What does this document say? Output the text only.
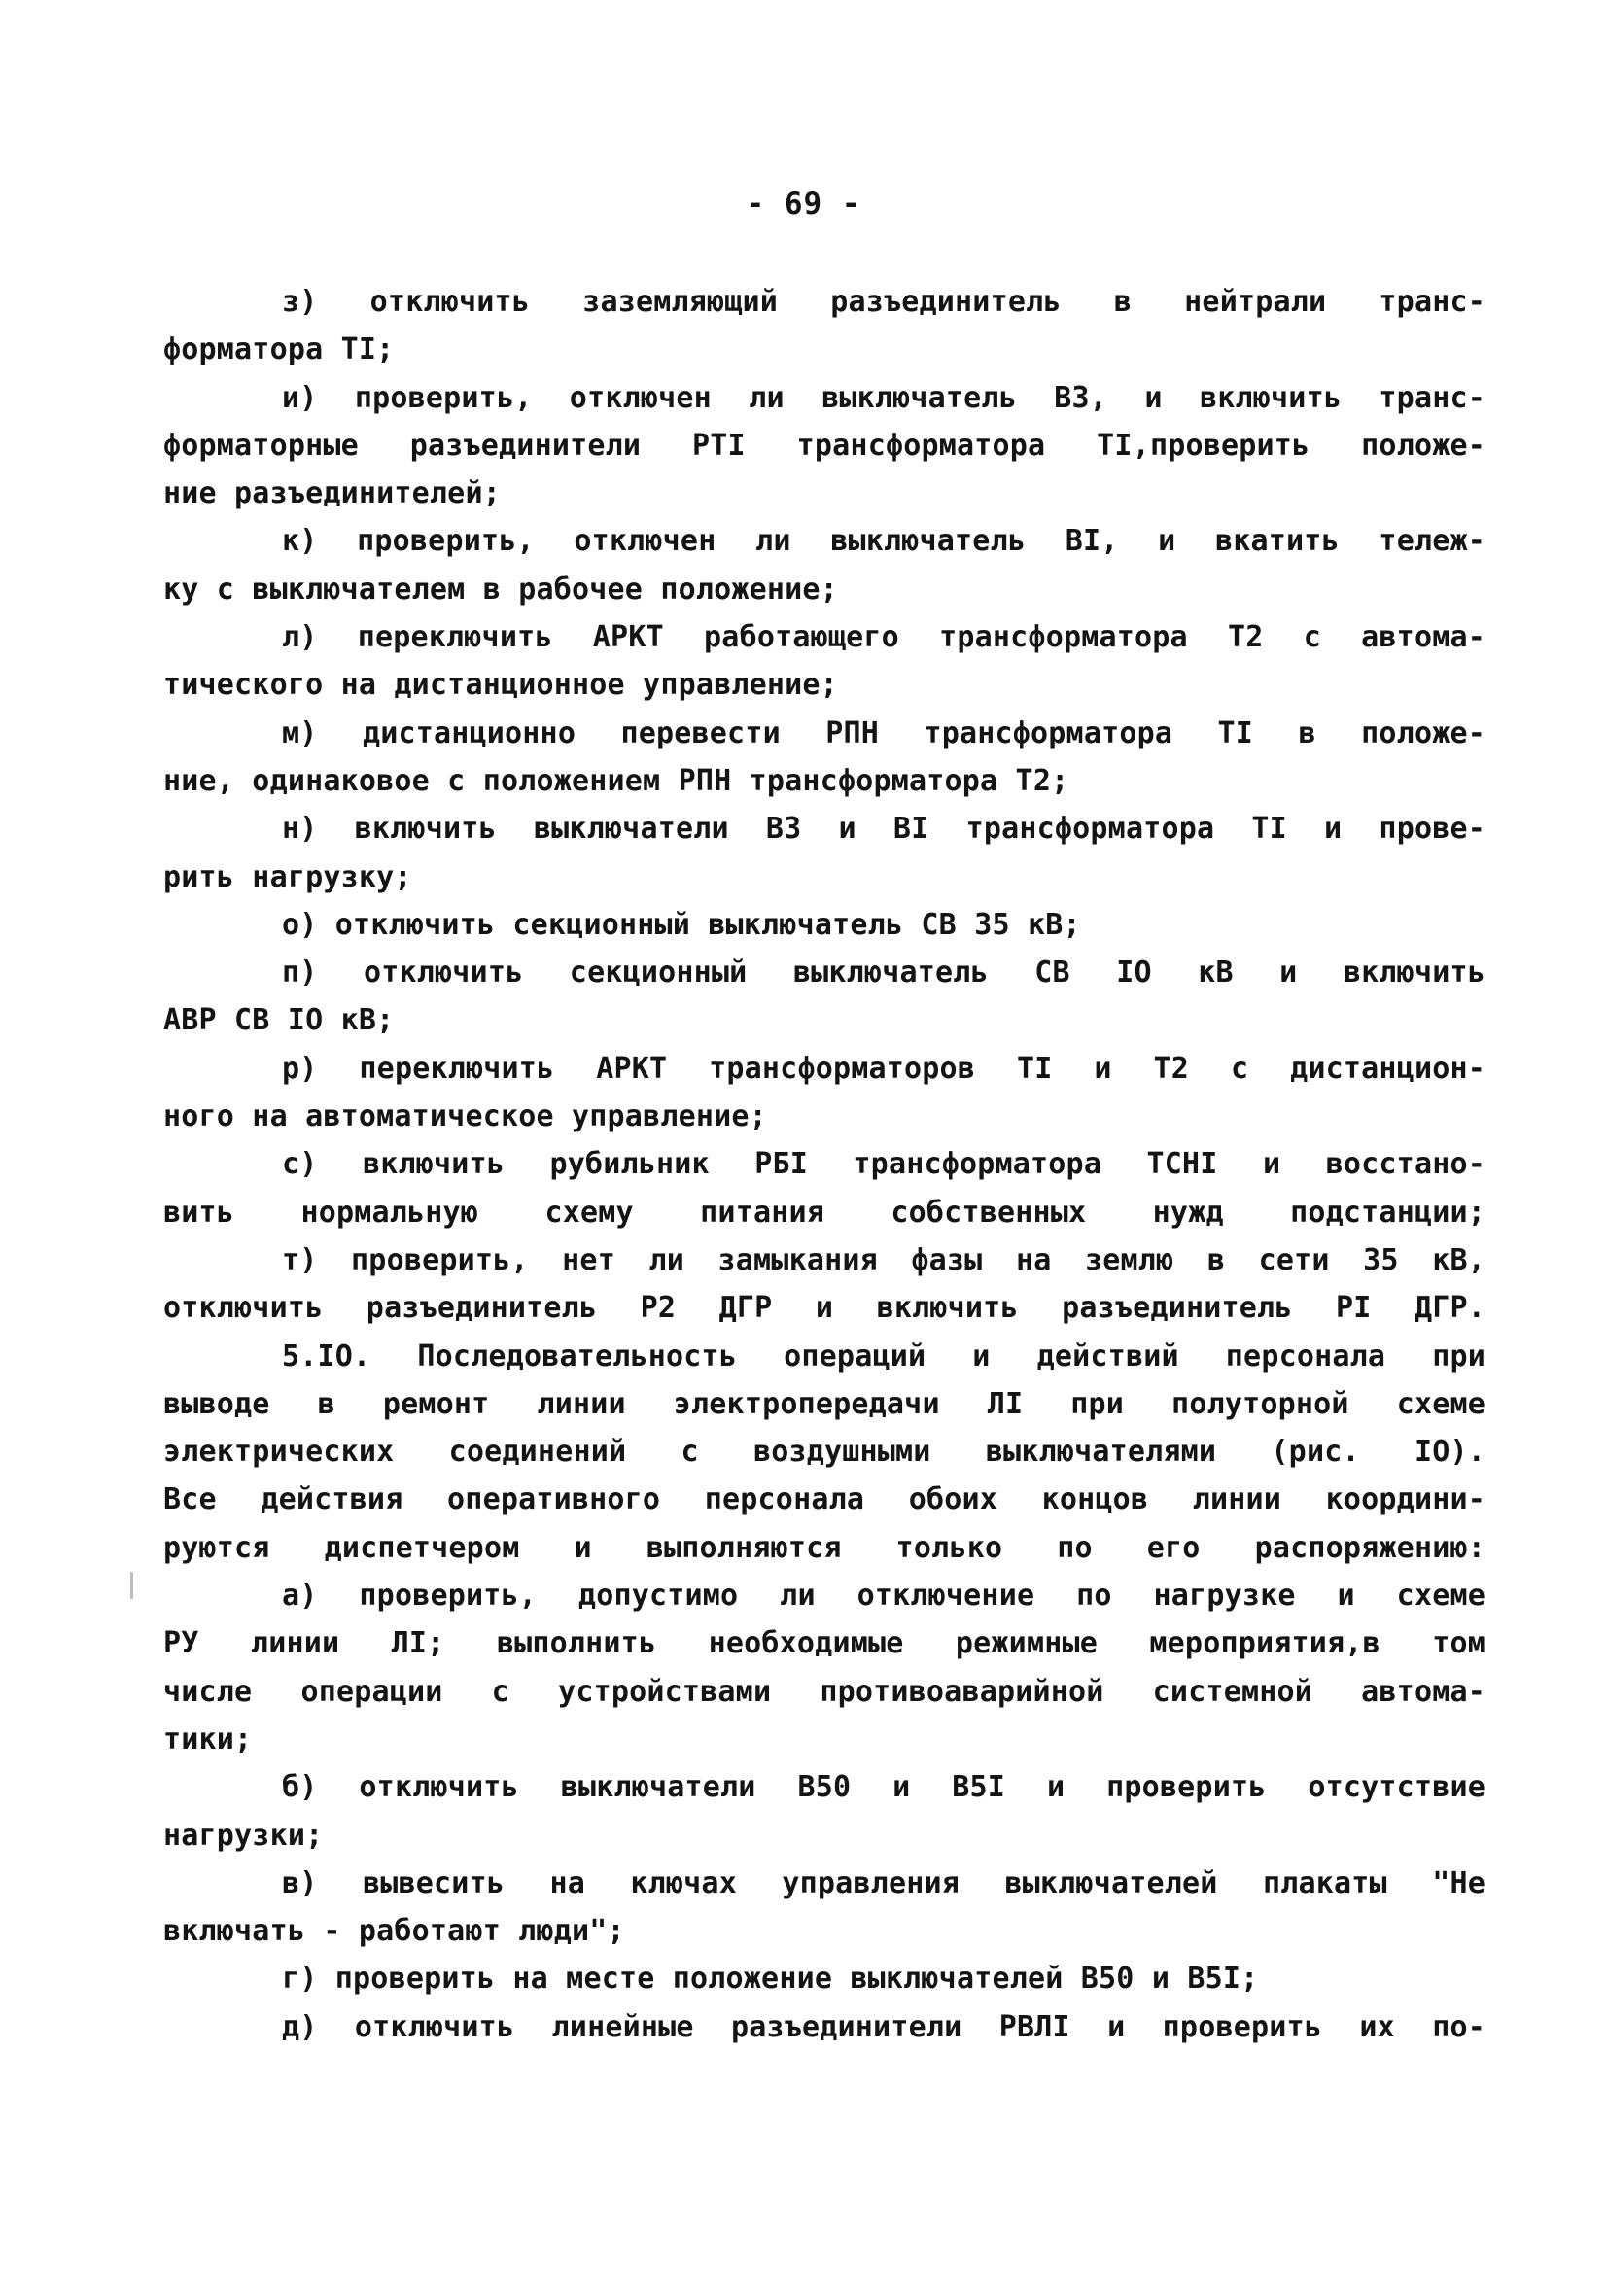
- 69 -
з) отключить заземляющий разъединитель в нейтрали транс-
форматора TI;
и) проверить, отключен ли выключатель ВЗ, и включить транс-
форматорные разъединители РТI трансформатора ТI,проверить положе-
ние разъединителей;
к) проверить, отключен ли выключатель ВI, и вкатить тележ-
ку с выключателем в рабочее положение;
л) переключить АРКТ работающего трансформатора Т2 с автома-
тического на дистанционное управление;
м) дистанционно перевести РПН трансформатора ТI в положе-
ние, одинаковое с положением РПН трансформатора Т2;
н) включить выключатели ВЗ и ВI трансформатора ТI и прове-
рить нагрузку;
о) отключить секционный выключатель СВ 35 кВ;
п) отключить секционный выключатель СВ IO кВ и включить
АВР СВ IO кВ;
р) переключить АРКТ трансформаторов ТI и Т2 с дистанцион-
ного на автоматическое управление;
с) включить рубильник РБI трансформатора ТСНI и восстано-
вить нормальную схему питания собственных нужд подстанции;
т) проверить, нет ли замыкания фазы на землю в сети 35 кВ,
отключить разъединитель Р2 ДГР и включить разъединитель РI ДГР.
5.IO. Последовательность операций и действий персонала при
выводе в ремонт линии электропередачи ЛI при полуторной схеме
электрических соединений с воздушными выключателями (рис. IO).
Все действия оперативного персонала обоих концов линии координи-
руются диспетчером и выполняются только по его распоряжению:
а) проверить, допустимо ли отключение по нагрузке и схеме
РУ линии ЛI; выполнить необходимые режимные мероприятия,в том
числе операции с устройствами противоаварийной системной автома-
тики;
б) отключить выключатели В50 и В5I и проверить отсутствие
нагрузки;
в) вывесить на ключах управления выключателей плакаты "Не
включать - работают люди";
г) проверить на месте положение выключателей В50 и В5I;
д) отключить линейные разъединители РВЛI и проверить их по-
